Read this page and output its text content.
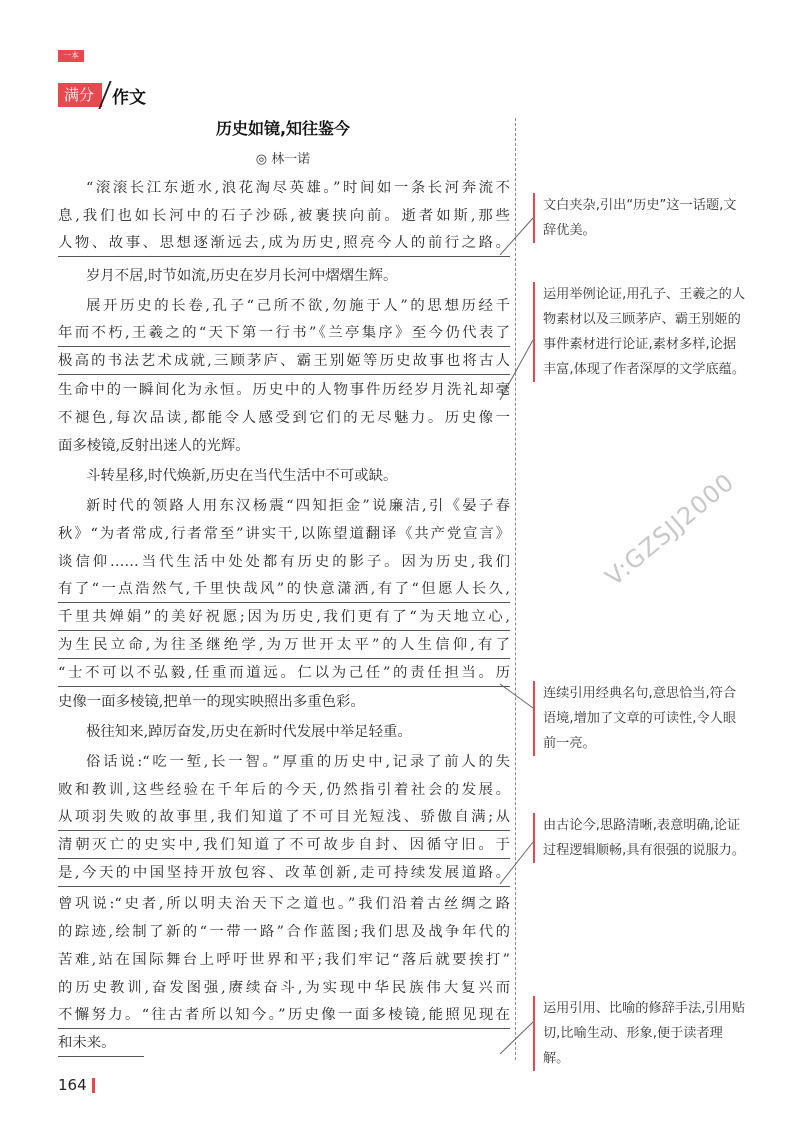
一本
满分	作文
历史如镜,知往鉴今
◎ 林一诺
“滚滚长江东逝水,浪花淘尽英雄。”时间如一条长河奔流不
息,我们也如长河中的石子沙砾,被裹挟向前。逝者如斯,那些
人物、故事、思想逐渐远去,成为历史,照亮今人的前行之路。
岁月不居,时节如流,历史在岁月长河中熠熠生辉。
展开历史的长卷,孔子“己所不欲,勿施于人”的思想历经千
年而不朽,王羲之的“天下第一行书”《兰亭集序》至今仍代表了
极高的书法艺术成就,三顾茅庐、霸王别姬等历史故事也将古人
生命中的一瞬间化为永恒。历史中的人物事件历经岁月洗礼却毫
不褪色,每次品读,都能令人感受到它们的无尽魅力。历史像一
面多棱镜,反射出迷人的光辉。
斗转星移,时代焕新,历史在当代生活中不可或缺。
新时代的领路人用东汉杨震“四知拒金”说廉洁,引《晏子春
秋》“为者常成,行者常至”讲实干,以陈望道翻译《共产党宣言》
谈信仰……当代生活中处处都有历史的影子。因为历史,我们
有了“一点浩然气,千里快哉风”的快意潇洒,有了“但愿人长久,
千里共婵娟”的美好祝愿;因为历史,我们更有了“为天地立心,
为生民立命,为往圣继绝学,为万世开太平”的人生信仰,有了
“士不可以不弘毅,任重而道远。仁以为己任”的责任担当。历
史像一面多棱镜,把单一的现实映照出多重色彩。
极往知来,踔厉奋发,历史在新时代发展中举足轻重。
俗话说:“吃一堑,长一智。”厚重的历史中,记录了前人的失
败和教训,这些经验在千年后的今天,仍然指引着社会的发展。
从项羽失败的故事里,我们知道了不可目光短浅、骄傲自满;从
清朝灭亡的史实中,我们知道了不可故步自封、因循守旧。于
是,今天的中国坚持开放包容、改革创新,走可持续发展道路。
曾巩说:“史者,所以明夫治天下之道也。”我们沿着古丝绸之路
的踪迹,绘制了新的“一带一路”合作蓝图;我们思及战争年代的
苦难,站在国际舞台上呼吁世界和平;我们牢记“落后就要挨打”
的历史教训,奋发图强,赓续奋斗,为实现中华民族伟大复兴而
不懈努力。“往古者所以知今。”历史像一面多棱镜,能照见现在
和未来。
文白夹杂,引出“历史”这一话题,文辞优美。
运用举例论证,用孔子、王羲之的人物素材以及三顾茅庐、霸王别姬的事件素材进行论证,素材多样,论据丰富,体现了作者深厚的文学底蕴。
连续引用经典名句,意思恰当,符合语境,增加了文章的可读性,令人眼前一亮。
由古论今,思路清晰,表意明确,论证过程逻辑顺畅,具有很强的说服力。
运用引用、比喻的修辞手法,引用贴切,比喻生动、形象,便于读者理解。
V:GZSJJ2000
164
